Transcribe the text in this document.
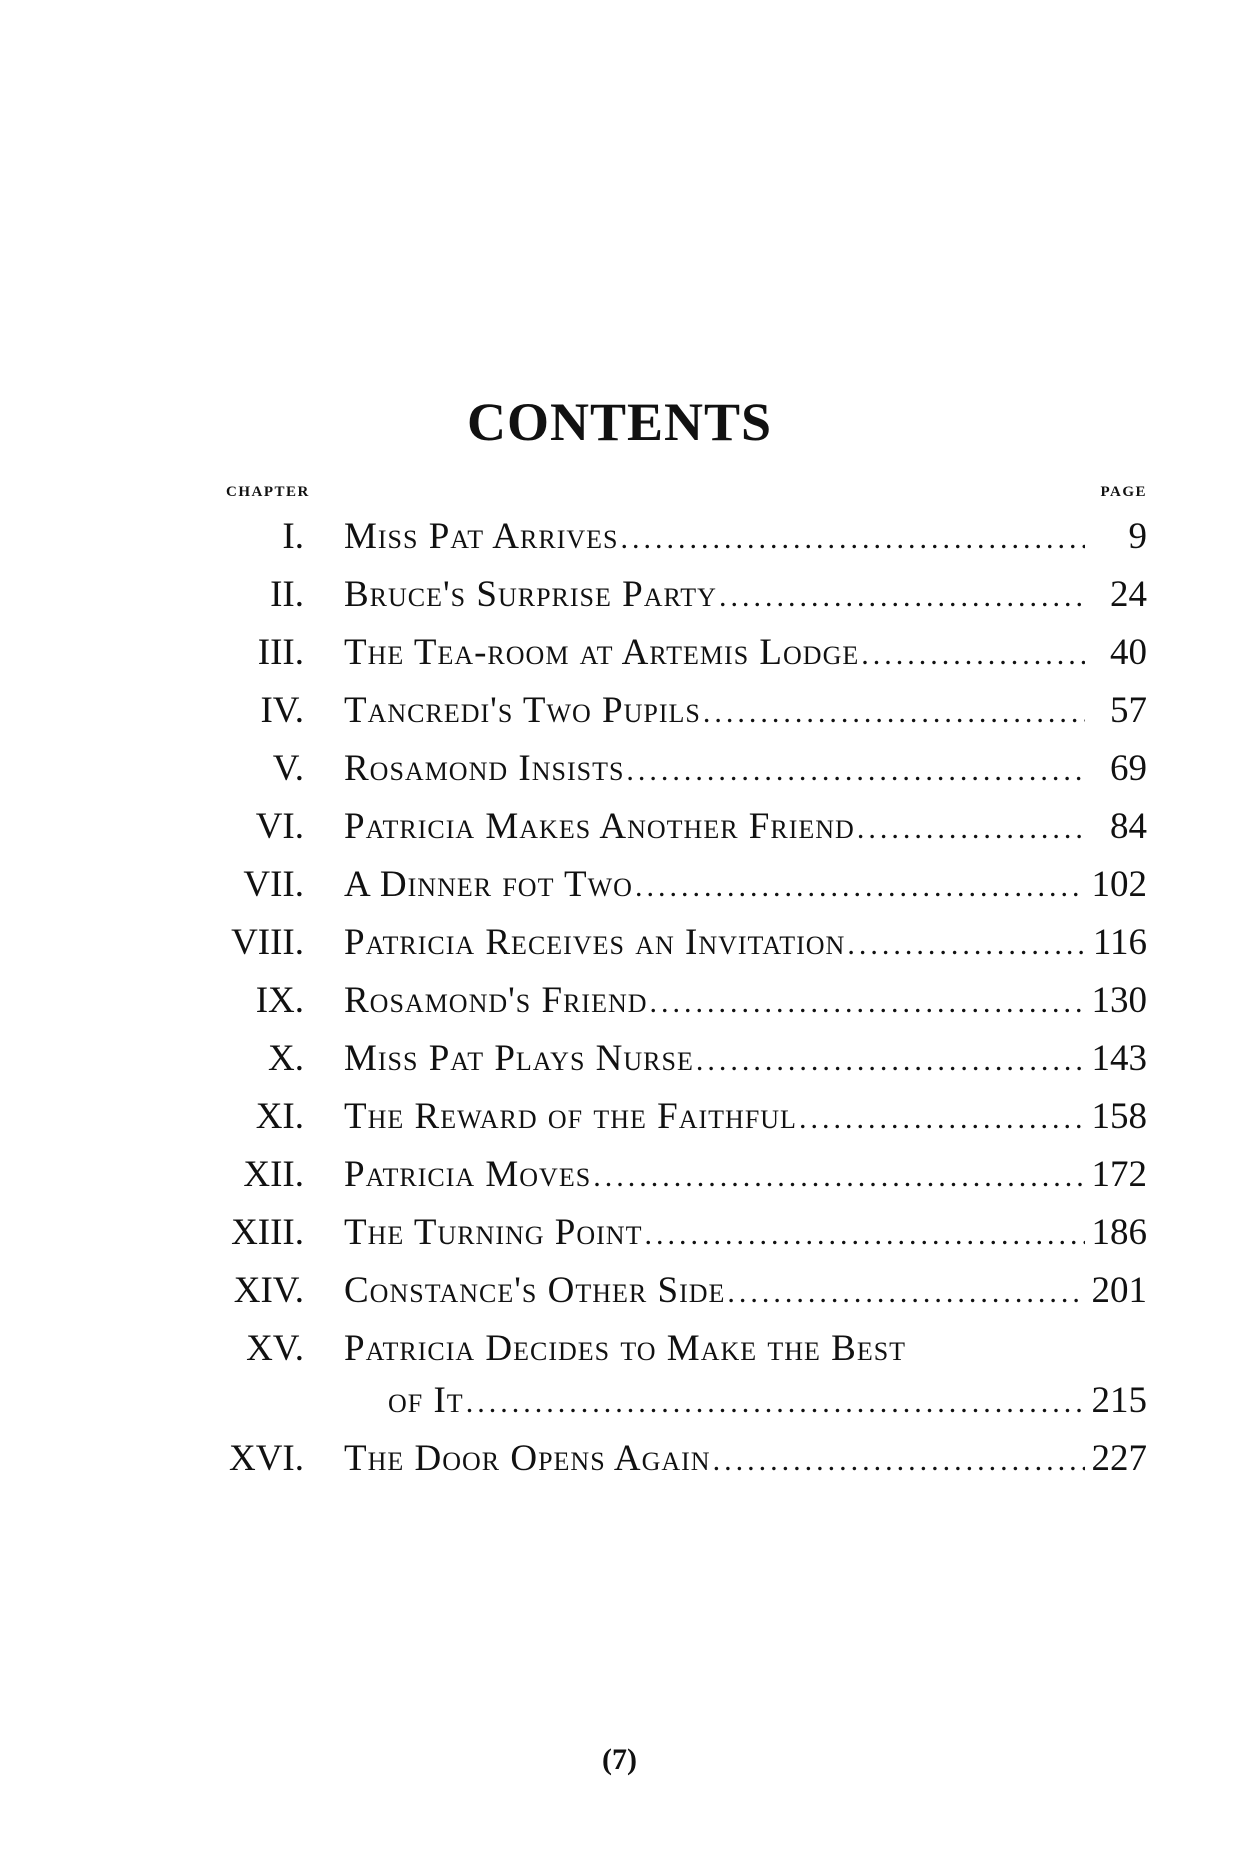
CONTENTS
CHAPTER	PAGE
I. Miss Pat Arrives .....	9
II. Bruce's Surprise Party .....	24
III. The Tea-room at Artemis Lodge .....	40
IV. Tancredi's Two Pupils .....	57
V. Rosamond Insists .....	69
VI. Patricia Makes Another Friend .....	84
VII. A Dinner fot Two .....	102
VIII. Patricia Receives an Invitation .....	116
IX. Rosamond's Friend .....	130
X. Miss Pat Plays Nurse .....	143
XI. The Reward of the Faithful .....	158
XII. Patricia Moves .....	172
XIII. The Turning Point .....	186
XIV. Constance's Other Side .....	201
XV. Patricia Decides to Make the Best
of It .....	215
XVI. The Door Opens Again .....	227
(7)
